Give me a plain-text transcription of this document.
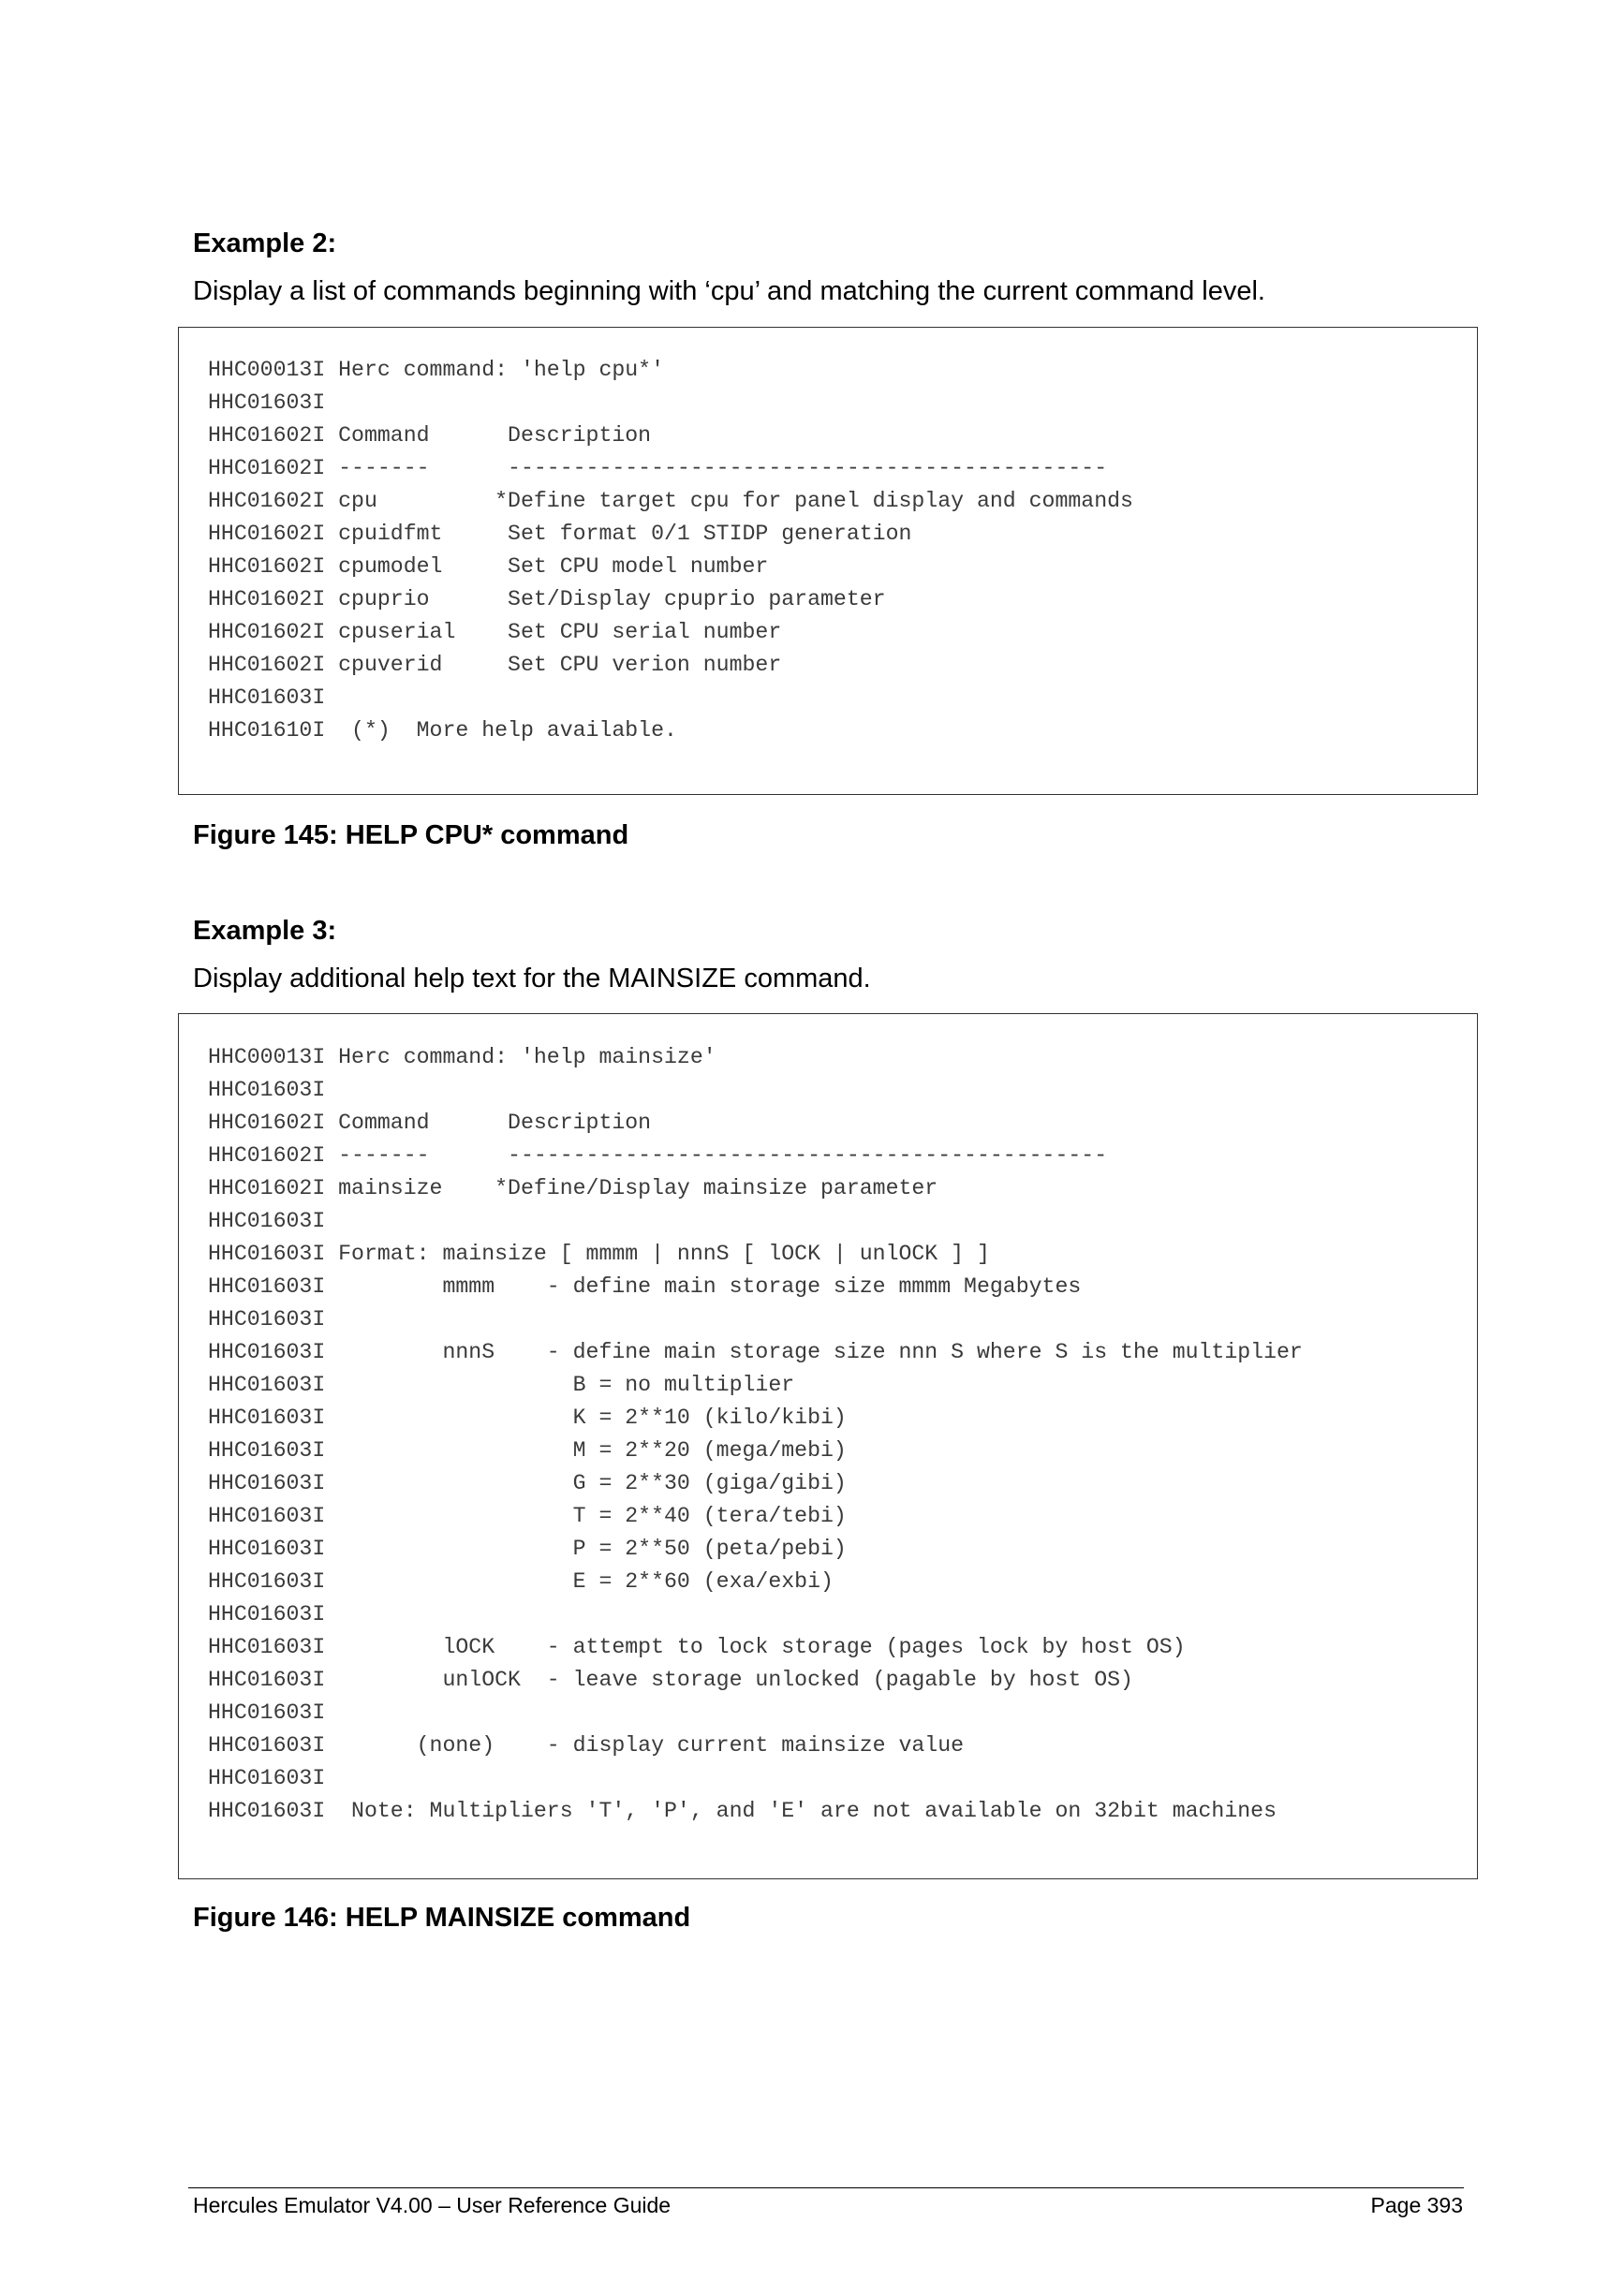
Example 2:

Display a list of commands beginning with ‘cpu’ and matching the current command level.

HHC00013I Herc command: 'help cpu*'
HHC01603I
HHC01602I Command      Description
HHC01602I -------      ----------------------------------------------
HHC01602I cpu         *Define target cpu for panel display and commands
HHC01602I cpuidfmt     Set format 0/1 STIDP generation
HHC01602I cpumodel     Set CPU model number
HHC01602I cpuprio      Set/Display cpuprio parameter
HHC01602I cpuserial    Set CPU serial number
HHC01602I cpuverid     Set CPU verion number
HHC01603I
HHC01610I  (*)  More help available.

Figure 145: HELP CPU* command

Example 3:

Display additional help text for the MAINSIZE command.

HHC00013I Herc command: 'help mainsize'
HHC01603I
HHC01602I Command      Description
HHC01602I -------      ----------------------------------------------
HHC01602I mainsize    *Define/Display mainsize parameter
HHC01603I
HHC01603I Format: mainsize [ mmmm | nnnS [ lOCK | unlOCK ] ]
HHC01603I         mmmm    - define main storage size mmmm Megabytes
HHC01603I
HHC01603I         nnnS    - define main storage size nnn S where S is the multiplier
HHC01603I                   B = no multiplier
HHC01603I                   K = 2**10 (kilo/kibi)
HHC01603I                   M = 2**20 (mega/mebi)
HHC01603I                   G = 2**30 (giga/gibi)
HHC01603I                   T = 2**40 (tera/tebi)
HHC01603I                   P = 2**50 (peta/pebi)
HHC01603I                   E = 2**60 (exa/exbi)
HHC01603I
HHC01603I         lOCK    - attempt to lock storage (pages lock by host OS)
HHC01603I         unlOCK  - leave storage unlocked (pagable by host OS)
HHC01603I
HHC01603I       (none)    - display current mainsize value
HHC01603I
HHC01603I  Note: Multipliers 'T', 'P', and 'E' are not available on 32bit machines

Figure 146: HELP MAINSIZE command

Hercules Emulator V4.00 – User Reference Guide	Page 393
